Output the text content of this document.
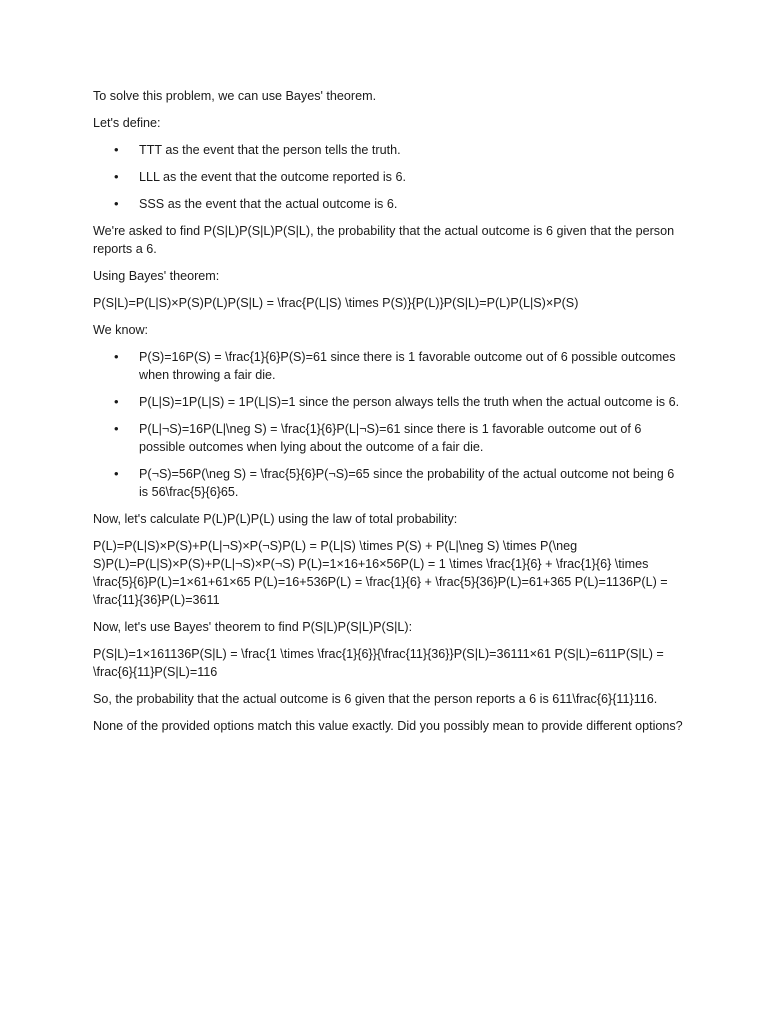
To solve this problem, we can use Bayes' theorem.

Let's define:

• TTT as the event that the person tells the truth.
• LLL as the event that the outcome reported is 6.
• SSS as the event that the actual outcome is 6.

We're asked to find P(S|L)P(S|L)P(S|L), the probability that the actual outcome is 6 given that the person reports a 6.

Using Bayes' theorem:

P(S|L)=P(L|S)×P(S)P(L)P(S|L) = \frac{P(L|S) \times P(S)}{P(L)}P(S|L)=P(L)P(L|S)×P(S)

We know:

• P(S)=16P(S) = \frac{1}{6}P(S)=61 since there is 1 favorable outcome out of 6 possible outcomes when throwing a fair die.
• P(L|S)=1P(L|S) = 1P(L|S)=1 since the person always tells the truth when the actual outcome is 6.
• P(L|¬S)=16P(L|\neg S) = \frac{1}{6}P(L|¬S)=61 since there is 1 favorable outcome out of 6 possible outcomes when lying about the outcome of a fair die.
• P(¬S)=56P(\neg S) = \frac{5}{6}P(¬S)=65 since the probability of the actual outcome not being 6 is 56\frac{5}{6}65.

Now, let's calculate P(L)P(L)P(L) using the law of total probability:

P(L)=P(L|S)×P(S)+P(L|¬S)×P(¬S)P(L) = P(L|S) \times P(S) + P(L|\neg S) \times P(\neg S)P(L)=P(L|S)×P(S)+P(L|¬S)×P(¬S) P(L)=1×16+16×56P(L) = 1 \times \frac{1}{6} + \frac{1}{6} \times \frac{5}{6}P(L)=1×61+61×65 P(L)=16+536P(L) = \frac{1}{6} + \frac{5}{36}P(L)=61+365 P(L)=1136P(L) = \frac{11}{36}P(L)=3611

Now, let's use Bayes' theorem to find P(S|L)P(S|L)P(S|L):

P(S|L)=1×161136P(S|L) = \frac{1 \times \frac{1}{6}}{\frac{11}{36}}P(S|L)=36111×61 P(S|L)=611P(S|L) = \frac{6}{11}P(S|L)=116

So, the probability that the actual outcome is 6 given that the person reports a 6 is 611\frac{6}{11}116.

None of the provided options match this value exactly. Did you possibly mean to provide different options?
